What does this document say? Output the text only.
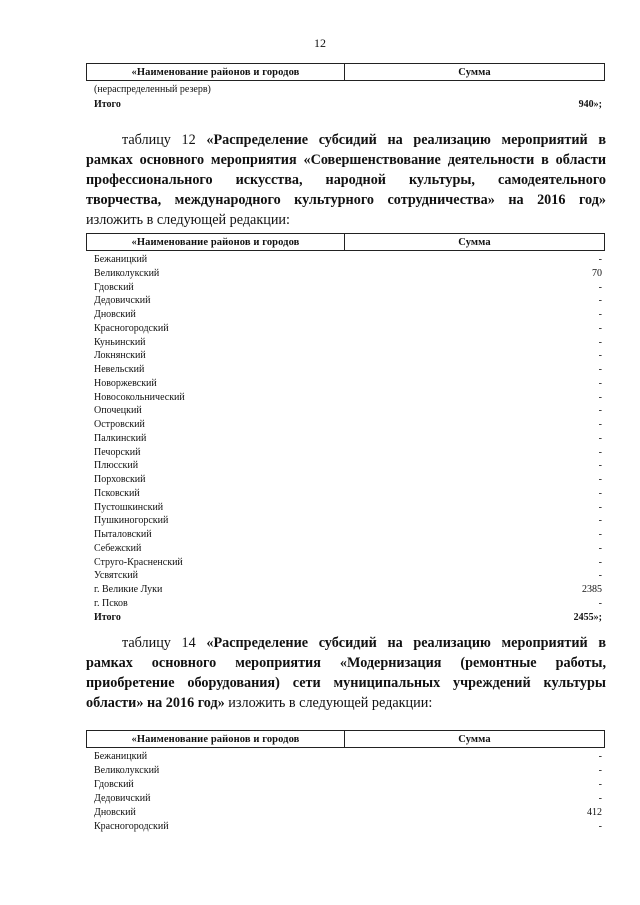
12
«Наименование районов и городов	Сумма
(нераспределенный резерв)
Итого	940»;

таблицу 12 «Распределение субсидий на реализацию мероприятий в рамках основного мероприятия «Совершенствование деятельности в области профессионального искусства, народной культуры, самодеятельного творчества, международного культурного сотрудничества» на 2016 год» изложить в следующей редакции:

«Наименование районов и городов	Сумма
Бежаницкий	-
Великолукский	70
Гдовский	-
Дедовичский	-
Дновский	-
Красногородский	-
Куньинский	-
Локнянский	-
Невельский	-
Новоржевский	-
Новосокольнический	-
Опочецкий	-
Островский	-
Палкинский	-
Печорский	-
Плюсский	-
Порховский	-
Псковский	-
Пустошкинский	-
Пушкиногорский	-
Пыталовский	-
Себежский	-
Струго-Красненский	-
Усвятский	-
г. Великие Луки	2385
г. Псков	-
Итого	2455»;

таблицу 14 «Распределение субсидий на реализацию мероприятий в рамках основного мероприятия «Модернизация (ремонтные работы, приобретение оборудования) сети муниципальных учреждений культуры области» на 2016 год» изложить в следующей редакции:

«Наименование районов и городов	Сумма
Бежаницкий	-
Великолукский	-
Гдовский	-
Дедовичский	-
Дновский	412
Красногородский	-
